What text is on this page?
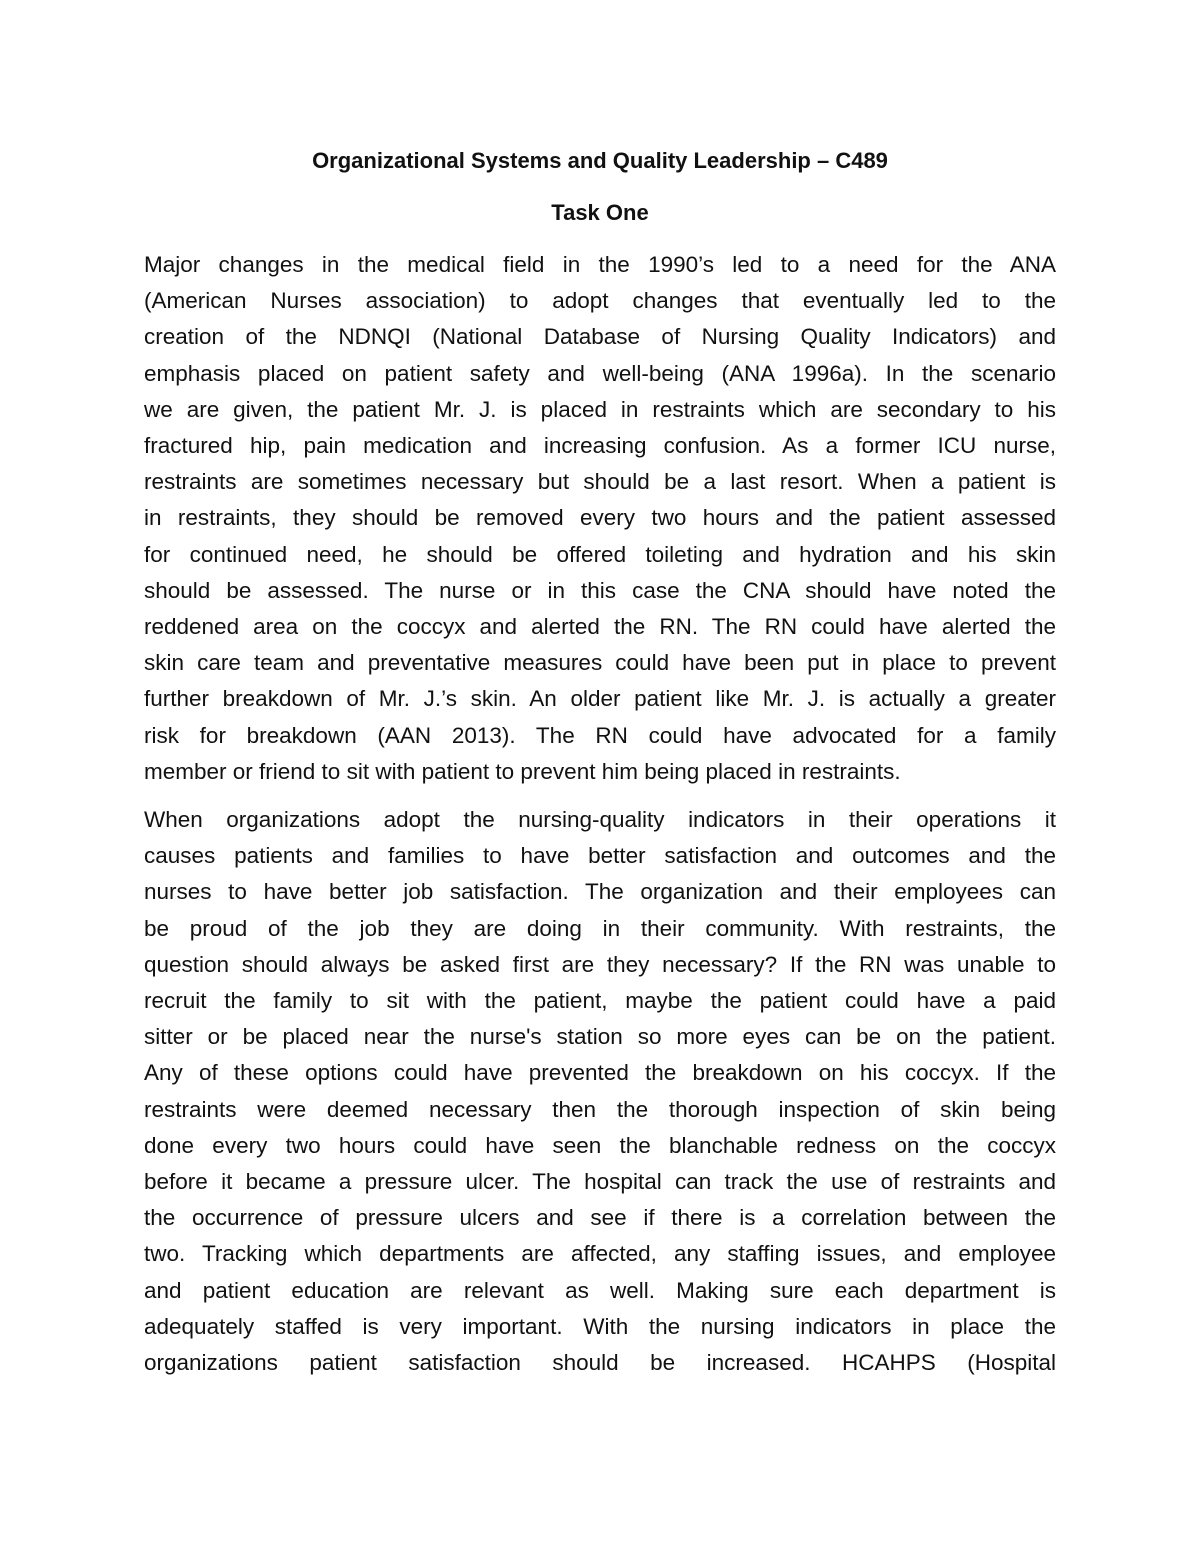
Organizational Systems and Quality Leadership – C489
Task One

Major changes in the medical field in the 1990’s led to a need for the ANA
(American Nurses association) to adopt changes that eventually led to the
creation of the NDNQI (National Database of Nursing Quality Indicators) and
emphasis placed on patient safety and well-being (ANA 1996a). In the scenario
we are given, the patient Mr. J. is placed in restraints which are secondary to his
fractured hip, pain medication and increasing confusion. As a former ICU nurse,
restraints are sometimes necessary but should be a last resort. When a patient is
in restraints, they should be removed every two hours and the patient assessed
for continued need, he should be offered toileting and hydration and his skin
should be assessed. The nurse or in this case the CNA should have noted the
reddened area on the coccyx and alerted the RN. The RN could have alerted the
skin care team and preventative measures could have been put in place to prevent
further breakdown of Mr. J.’s skin. An older patient like Mr. J. is actually a greater
risk for breakdown (AAN 2013). The RN could have advocated for a family
member or friend to sit with patient to prevent him being placed in restraints.

When organizations adopt the nursing-quality indicators in their operations it
causes patients and families to have better satisfaction and outcomes and the
nurses to have better job satisfaction. The organization and their employees can
be proud of the job they are doing in their community. With restraints, the
question should always be asked first are they necessary? If the RN was unable to
recruit the family to sit with the patient, maybe the patient could have a paid
sitter or be placed near the nurse's station so more eyes can be on the patient.
Any of these options could have prevented the breakdown on his coccyx. If the
restraints were deemed necessary then the thorough inspection of skin being
done every two hours could have seen the blanchable redness on the coccyx
before it became a pressure ulcer. The hospital can track the use of restraints and
the occurrence of pressure ulcers and see if there is a correlation between the
two. Tracking which departments are affected, any staffing issues, and employee
and patient education are relevant as well. Making sure each department is
adequately staffed is very important. With the nursing indicators in place the
organizations patient satisfaction should be increased. HCAHPS (Hospital
